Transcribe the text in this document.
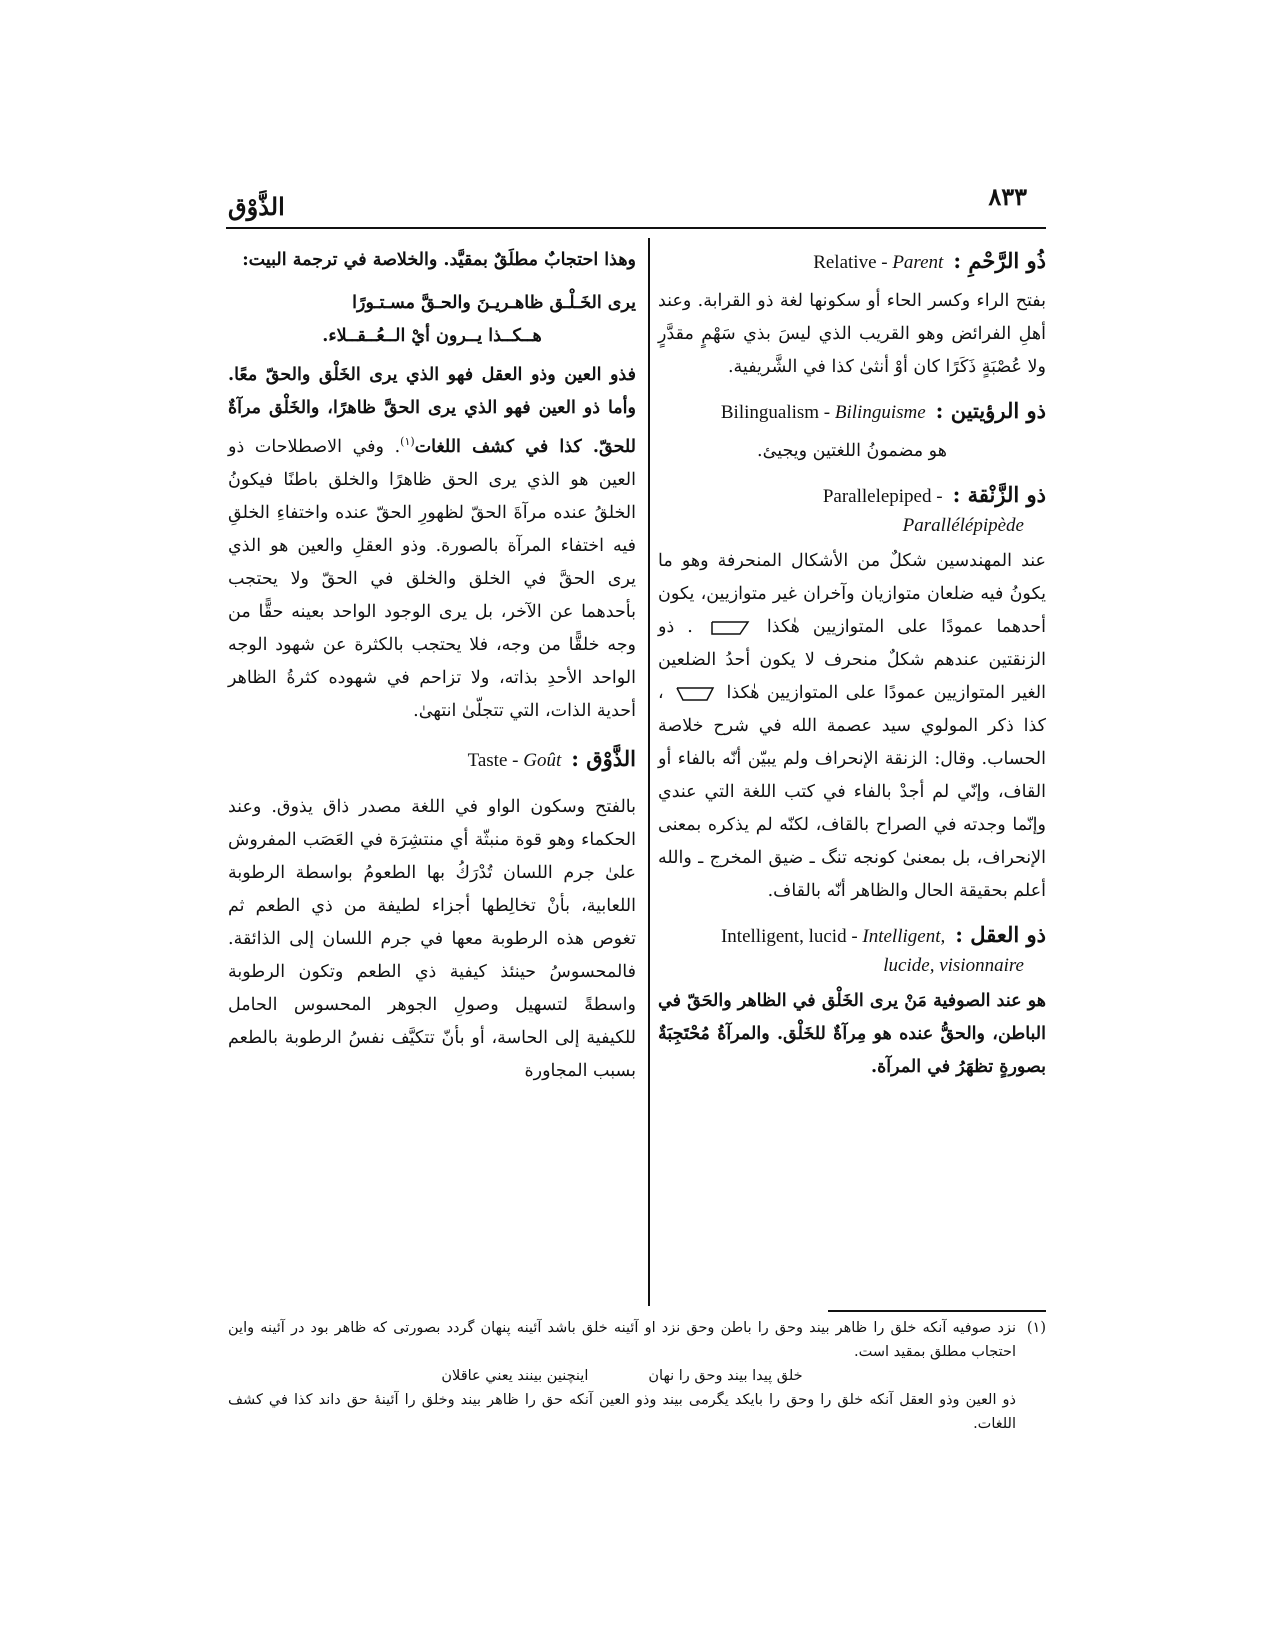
٨٣٣
الذَّوْق
ذُو الرَّحْمِ :
Relative - Parent
بفتح الراء وكسر الحاء أو سكونها لغة ذو القرابة. وعند أهلِ الفرائض وهو القريب الذي ليسَ بذي سَهْمٍ مقدَّرٍ ولا عُصْبَةٍ ذَكَرًا كان أوْ أنثىٰ كذا في الشَّريفية.
ذو الرؤيتين :
Bilingualism - Bilinguisme
هو مضمونُ اللغتين ويجيئ.
ذو الزَّنْقة :
Parallelepiped -
Parallélépipède
عند المهندسين شكلٌ من الأشكال المنحرفة وهو ما يكونُ فيه ضلعان متوازيان وآخران غير متوازيين، يكون أحدهما عمودًا على المتوازيين هٰكذا  . ذو الزنقتين عندهم شكلٌ منحرف لا يكون أحدُ الضلعين الغير المتوازيين عمودًا على المتوازيين هٰكذا  ، كذا ذكر المولوي سيد عصمة الله في شرح خلاصة الحساب. وقال: الزنقة الإنحراف ولم يبيّن أنّه بالفاء أو القاف، وإنّي لم أجدْ بالفاء في كتب اللغة التي عندي وإنّما وجدته في الصراح بالقاف، لكنّه لم يذكره بمعنى الإنحراف، بل بمعنىٰ كونجه تنگ ـ ضيق المخرج ـ والله أعلم بحقيقة الحال والظاهر أنّه بالقاف.
ذو العقل :
Intelligent, lucid - Intelligent,
lucide, visionnaire
هو عند الصوفية مَنْ يرى الخَلْق في الظاهر والحَقّ في الباطن، والحقُّ عنده هو مِرآةٌ للخَلْق. والمرآةُ مُحْتَجِبَةٌ بصورةٍ تظهَرُ في المرآة.
وهذا احتجابٌ مطلَقٌ بمقيَّد. والخلاصة في ترجمة البيت:
يرى الخَـلْـق ظاهـريـنَ والحـقَّ مسـتـورًا
هــكــذا يــرون أيْ الــعُــقــلاء.
فذو العين وذو العقل فهو الذي يرى الخَلْق والحقّ معًا. وأما ذو العين فهو الذي يرى الحقَّ ظاهرًا، والخَلْق مرآةٌ للحقّ. كذا في كشف اللغات$^{(١)}$. وفي الاصطلاحات ذو العين هو الذي يرى الحق ظاهرًا والخلق باطنًا فيكونُ الخلقُ عنده مرآةَ الحقّ لظهورِ الحقّ عنده واختفاءِ الخلقِ فيه اختفاء المرآة بالصورة. وذو العقلِ والعين هو الذي يرى الحقَّ في الخلق والخلق في الحقّ ولا يحتجب بأحدهما عن الآخر، بل يرى الوجود الواحد بعينه حقًّا من وجه خلقًّا من وجه، فلا يحتجب بالكثرة عن شهود الوجه الواحد الأحدِ بذاته، ولا تزاحم في شهوده كثرةُ الظاهر أحدية الذات، التي تتجلّىٰ انتهىٰ.
الذَّوْق :
Taste - Goût
بالفتح وسكون الواو في اللغة مصدر ذاق يذوق. وعند الحكماء وهو قوة منبثّة أي منتشِرَة في العَصَب المفروش علىٰ جرم اللسان تُدْرَكُ بها الطعومُ بواسطة الرطوبة اللعابية، بأنْ تخالِطها أجزاء لطيفة من ذي الطعم ثم تغوص هذه الرطوبة معها في جرم اللسان إلى الذائقة. فالمحسوسُ حينئذ كيفية ذي الطعم وتكون الرطوبة واسطةً لتسهيل وصولِ الجوهر المحسوس الحامل للكيفية إلى الحاسة، أو بأنّ تتكيَّف نفسُ الرطوبة بالطعم بسبب المجاورة
(١)
نزد صوفيه آنكه خلق را ظاهر بيند وحق را باطن وحق نزد او آئينه خلق باشد آئينه پنهان گردد بصورتى كه ظاهر بود در آئينه واين احتجاب مطلق بمقيد است.
خلق پيدا بيند وحق را نهان
اينچنين بينند يعني عاقلان
ذو العين وذو العقل آنكه خلق را وحق را بايكد يگرمى بيند وذو العين آنكه حق را ظاهر بيند وخلق را آئينهٔ حق داند كذا في كشف اللغات.
